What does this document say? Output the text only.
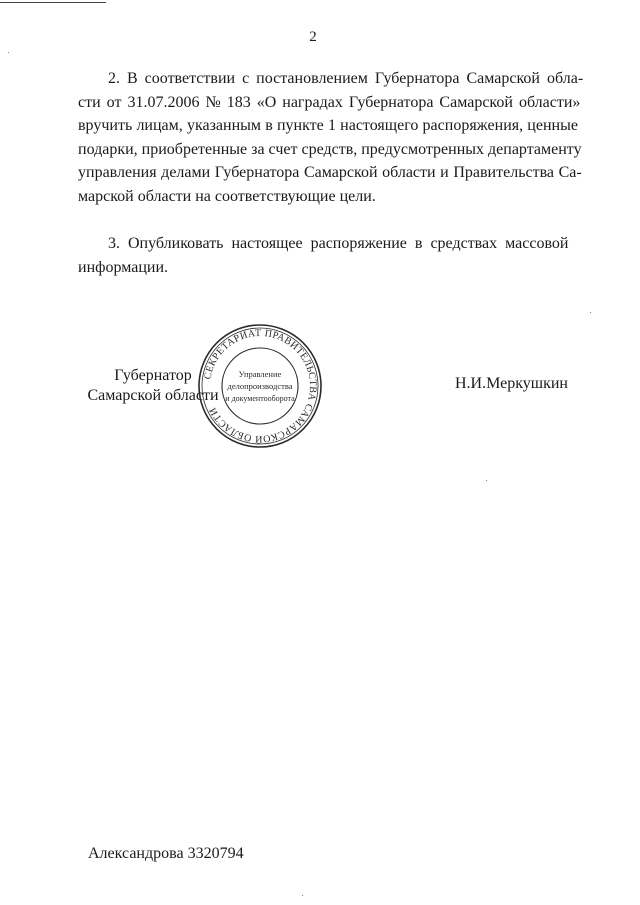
2

2. В соответствии с постановлением Губернатора Самарской обла-
сти от 31.07.2006 № 183 «О наградах Губернатора Самарской области»
вручить лицам, указанным в пункте 1 настоящего распоряжения, ценные
подарки, приобретенные за счет средств, предусмотренных департаменту
управления делами Губернатора Самарской области и Правительства Са-
марской области на соответствующие цели.

3. Опубликовать настоящее распоряжение в средствах массовой
информации.

Губернатор
Самарской области
СЕКРЕТАРИАТ ПРАВИТЕЛЬСТВА САМАРСКОЙ ОБЛАСТИ
Управление
делопроизводства
и документооборота
Н.И.Меркушкин
Александрова 3320794
